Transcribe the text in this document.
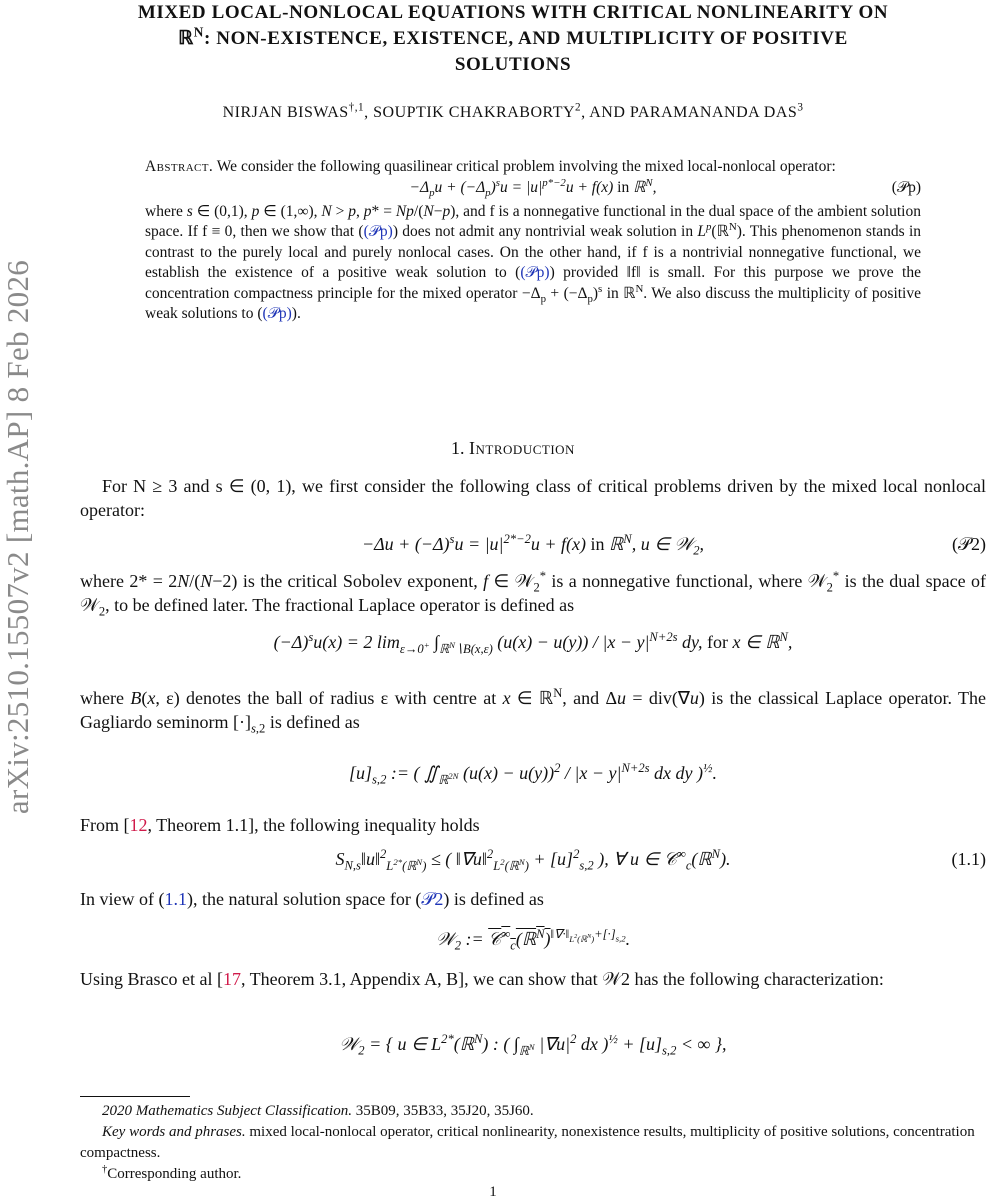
arXiv:2510.15507v2 [math.AP] 8 Feb 2026
MIXED LOCAL-NONLOCAL EQUATIONS WITH CRITICAL NONLINEARITY ON
ℝ$^N$: NON-EXISTENCE, EXISTENCE, AND MULTIPLICITY OF POSITIVE
SOLUTIONS
NIRJAN $BISWAS^{\dagger,1}$, SOUPTIK CHAKRABORTY$^2$, AND PARAMANANDA DAS$^3$
Abstract. We consider the following quasilinear critical problem involving the mixed local-nonlocal operator:
$-\Delta_pu + (-\Delta_p)^su = |u|^{p*-2}u + f(x)$ in ℝ$^N$,	(𝒫p)
where s ∈ (0,1), p ∈ (1,∞), N > p, p* = Np/(N−p), and f is a nonnegative functional in the dual space of the ambient solution space. If f ≡ 0, then we show that ((𝒫p)) does not admit any nontrivial weak solution in $L^p(ℝ^N)$. This phenomenon stands in contrast to the purely local and purely nonlocal cases. On the other hand, if f is a nontrivial nonnegative functional, we establish the existence of a positive weak solution to ((𝒫p)) provided ‖f‖ is small. For this purpose we prove the concentration compactness principle for the mixed operator $-\Delta_p + (-\Delta_p)^s$ in ℝ$^N$. We also discuss the multiplicity of positive weak solutions to ((𝒫p)).
1. Introduction
For N ≥ 3 and s ∈ (0, 1), we first consider the following class of critical problems driven by the mixed local nonlocal operator:
$-\Delta u + (-\Delta)^su = |u|^{2*-2}u + f(x)$ in ℝ$^N$, u ∈ 𝒲$_2$,	(𝒫2)
where 2* = 2N/(N−2) is the critical Sobolev exponent, f ∈ 𝒲$_2$* is a nonnegative functional, where 𝒲$_2$* is the dual space of 𝒲$_2$, to be defined later. The fractional Laplace operator is defined as
$(-\Delta)^su(x) = 2$ $\lim_{\varepsilon\to 0^+} \int_{ℝ^N∖B(x,\varepsilon)}$ $(u(x) - u(y)) / |x - y|^{N+2s}$ dy, for x ∈ ℝ$^N$,
where B(x, ε) denotes the ball of radius ε with centre at x ∈ ℝ$^N$, and Δu = div(∇u) is the classical Laplace operator. The Gagliardo seminorm $[\cdot]_{s,2}$ is defined as
$[u]_{s,2}$ := ( $∬_{ℝ^{2N}}$ $(u(x) - u(y))^2 / |x - y|^{N+2s}$ dx dy )$^{\frac{1}{2}}$.
From [12, Theorem 1.1], the following inequality holds
$S_{N,s}‖u‖^2_{L^{2*}(ℝ^N)}$ ≤ ( ‖∇u‖$^2_{L^2(ℝ^N)}$ + $[u]^2_{s,2}$ ), ∀ u ∈ 𝒞∞$_c$(ℝ$^N$).	(1.1)
In view of (1.1), the natural solution space for (𝒫2) is defined as
𝒲$_2$ := 𝒞∞$_c$(ℝ$^N$)$^{‖\nabla\cdot‖_{L^2(ℝ^N)}+[\cdot]_{s,2}}$.
Using Brasco et al [17, Theorem 3.1, Appendix A, B], we can show that 𝒲2 has the following characterization:
𝒲$_2$ = { u ∈ $L^{2*}(ℝ^N)$ : ( $\int_{ℝ^N}$ $|\nabla u|^2$ dx )$^{\frac{1}{2}} + [u]_{s,2}$ < ∞ },

2020 Mathematics Subject Classification. 35B09, 35B33, 35J20, 35J60.

Key words and phrases. mixed local-nonlocal operator, critical nonlinearity, nonexistence results, multiplicity of positive solutions, concentration compactness.

†Corresponding author.

1
